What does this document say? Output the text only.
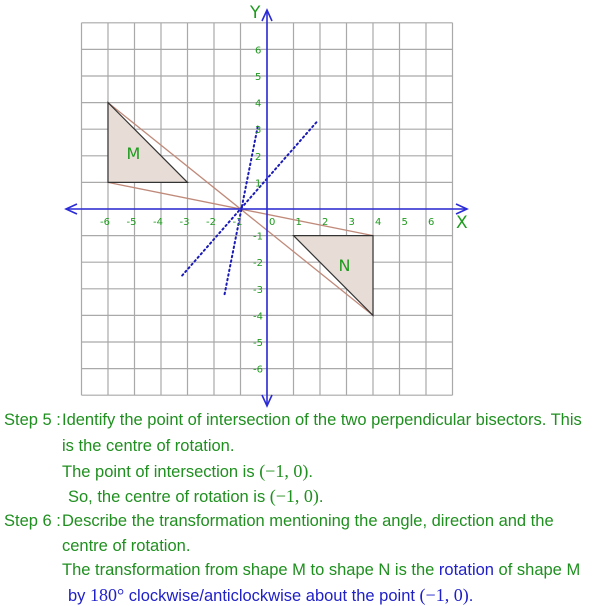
M
N
X
Y
-6 -5 -4 -3 -2 -1	0 1 2 3 4 5 6
6
5
4
3
2
1
-1
-2
-3
-4
-5
-6
Step 5 : Identify the point of intersection of the two perpendicular bisectors. This
is the centre of rotation.
The point of intersection is (−1, 0).
So, the centre of rotation is (−1, 0).
Step 6 : Describe the transformation mentioning the angle, direction and the
centre of rotation.
The transformation from shape M to shape N is the rotation of shape M
by 180° clockwise/anticlockwise about the point (−1, 0).
